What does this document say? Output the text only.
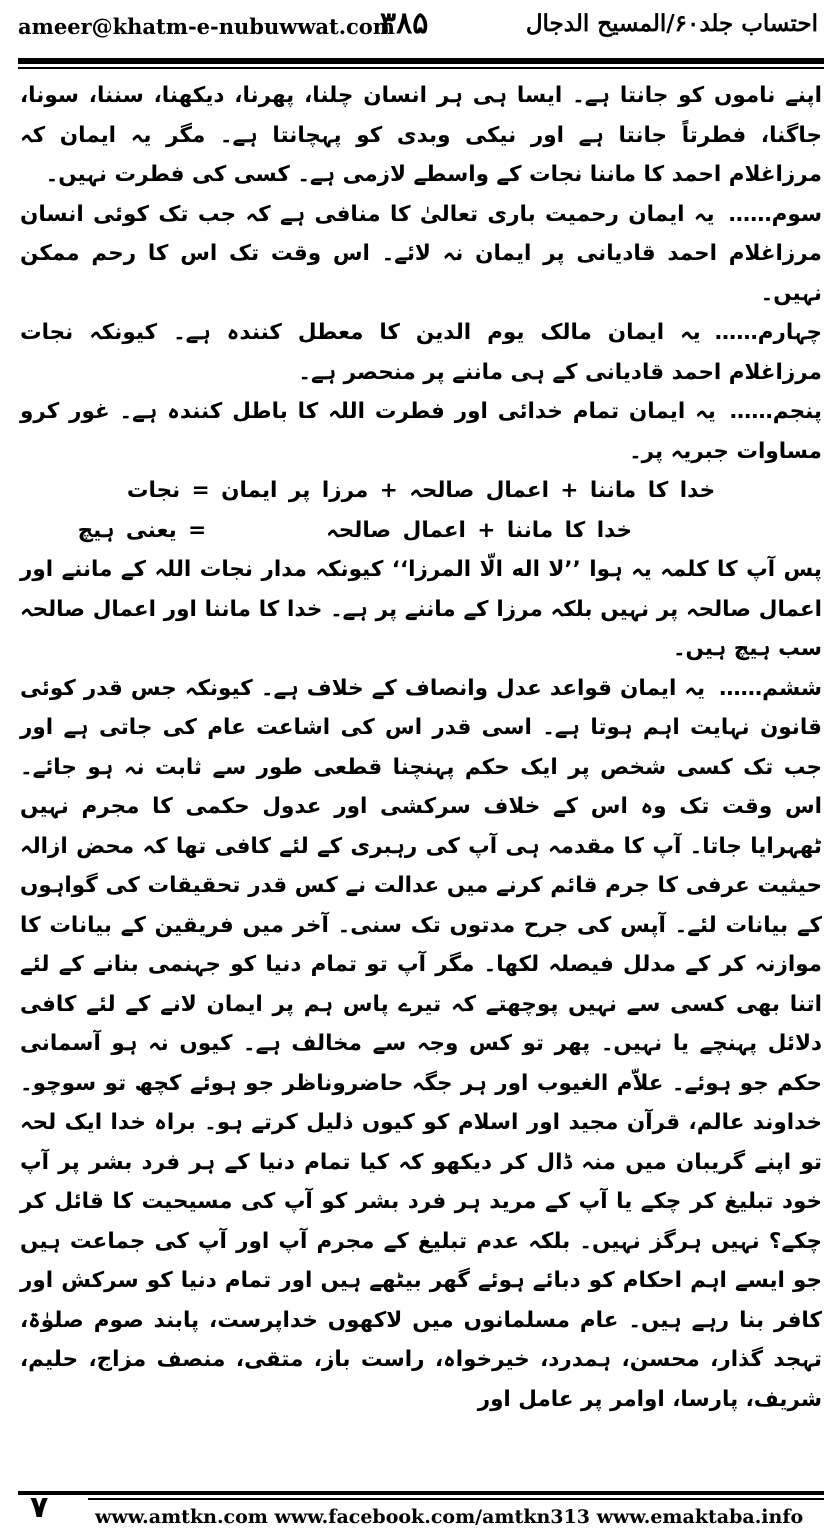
ameer@khatm-e-nubuwwat.com
۳۸۵	احتساب جلد۶۰/المسیح الدجال

اپنے ناموں کو جانتا ہے۔ ایسا ہی ہر انسان چلنا، پھرنا، دیکھنا، سننا، سونا، جاگنا، فطرتاً جانتا ہے اور نیکی وبدی کو پہچانتا ہے۔ مگر یہ ایمان کہ مرزاغلام احمد کا ماننا نجات کے واسطے لازمی ہے۔ کسی کی فطرت نہیں۔

سوم……یہ ایمان رحمیت باری تعالیٰ کا منافی ہے کہ جب تک کوئی انسان مرزاغلام احمد قادیانی پر ایمان نہ لائے۔ اس وقت تک اس کا رحم ممکن نہیں۔

چہارم……یہ ایمان مالک یوم الدین کا معطل کنندہ ہے۔ کیونکہ نجات مرزاغلام احمد قادیانی کے ہی ماننے پر منحصر ہے۔

پنجم……یہ ایمان تمام خدائی اور فطرت اللہ کا باطل کنندہ ہے۔ غور کرو مساوات جبریہ پر۔

خدا کا ماننا + اعمال صالحہ + مرزا پر ایمان = نجات

خدا کا ماننا + اعمال صالحہ= یعنی ہیچ

پس آپ کا کلمہ یہ ہوا ’’لا اله الّا المرزا‘‘ کیونکہ مدار نجات اللہ کے ماننے اور اعمال صالحہ پر نہیں بلکہ مرزا کے ماننے پر ہے۔ خدا کا ماننا اور اعمال صالحہ سب ہیچ ہیں۔

ششم……یہ ایمان قواعد عدل وانصاف کے خلاف ہے۔ کیونکہ جس قدر کوئی قانون نہایت اہم ہوتا ہے۔ اسی قدر اس کی اشاعت عام کی جاتی ہے اور جب تک کسی شخص پر ایک حکم پہنچنا قطعی طور سے ثابت نہ ہو جائے۔ اس وقت تک وہ اس کے خلاف سرکشی اور عدول حکمی کا مجرم نہیں ٹھہرایا جاتا۔ آپ کا مقدمہ ہی آپ کی رہبری کے لئے کافی تھا کہ محض ازالہ حیثیت عرفی کا جرم قائم کرنے میں عدالت نے کس قدر تحقیقات کی گواہوں کے بیانات لئے۔ آپس کی جرح مدتوں تک سنی۔ آخر میں فریقین کے بیانات کا موازنہ کر کے مدلل فیصلہ لکھا۔ مگر آپ تو تمام دنیا کو جہنمی بنانے کے لئے اتنا بھی کسی سے نہیں پوچھتے کہ تیرے پاس ہم پر ایمان لانے کے لئے کافی دلائل پہنچے یا نہیں۔ پھر تو کس وجہ سے مخالف ہے۔ کیوں نہ ہو آسمانی حکم جو ہوئے۔ علاّم الغیوب اور ہر جگہ حاضروناظر جو ہوئے کچھ تو سوچو۔ خداوند عالم، قرآن مجید اور اسلام کو کیوں ذلیل کرتے ہو۔ براہ خدا ایک لحہ تو اپنے گریبان میں منہ ڈال کر دیکھو کہ کیا تمام دنیا کے ہر فرد بشر پر آپ خود تبلیغ کر چکے یا آپ کے مرید ہر فرد بشر کو آپ کی مسیحیت کا قائل کر چکے؟ نہیں ہرگز نہیں۔ بلکہ عدم تبلیغ کے مجرم آپ اور آپ کی جماعت ہیں جو ایسے اہم احکام کو دبائے ہوئے گھر بیٹھے ہیں اور تمام دنیا کو سرکش اور کافر بنا رہے ہیں۔ عام مسلمانوں میں لاکھوں خداپرست، پابند صوم صلوٰۃ، تہجد گذار، محسن، ہمدرد، خیرخواہ، راست باز، متقی، منصف مزاج، حلیم، شریف، پارسا، اوامر پر عامل اور

۷ www.amtkn.com www.facebook.com/amtkn313 www.emaktaba.info
